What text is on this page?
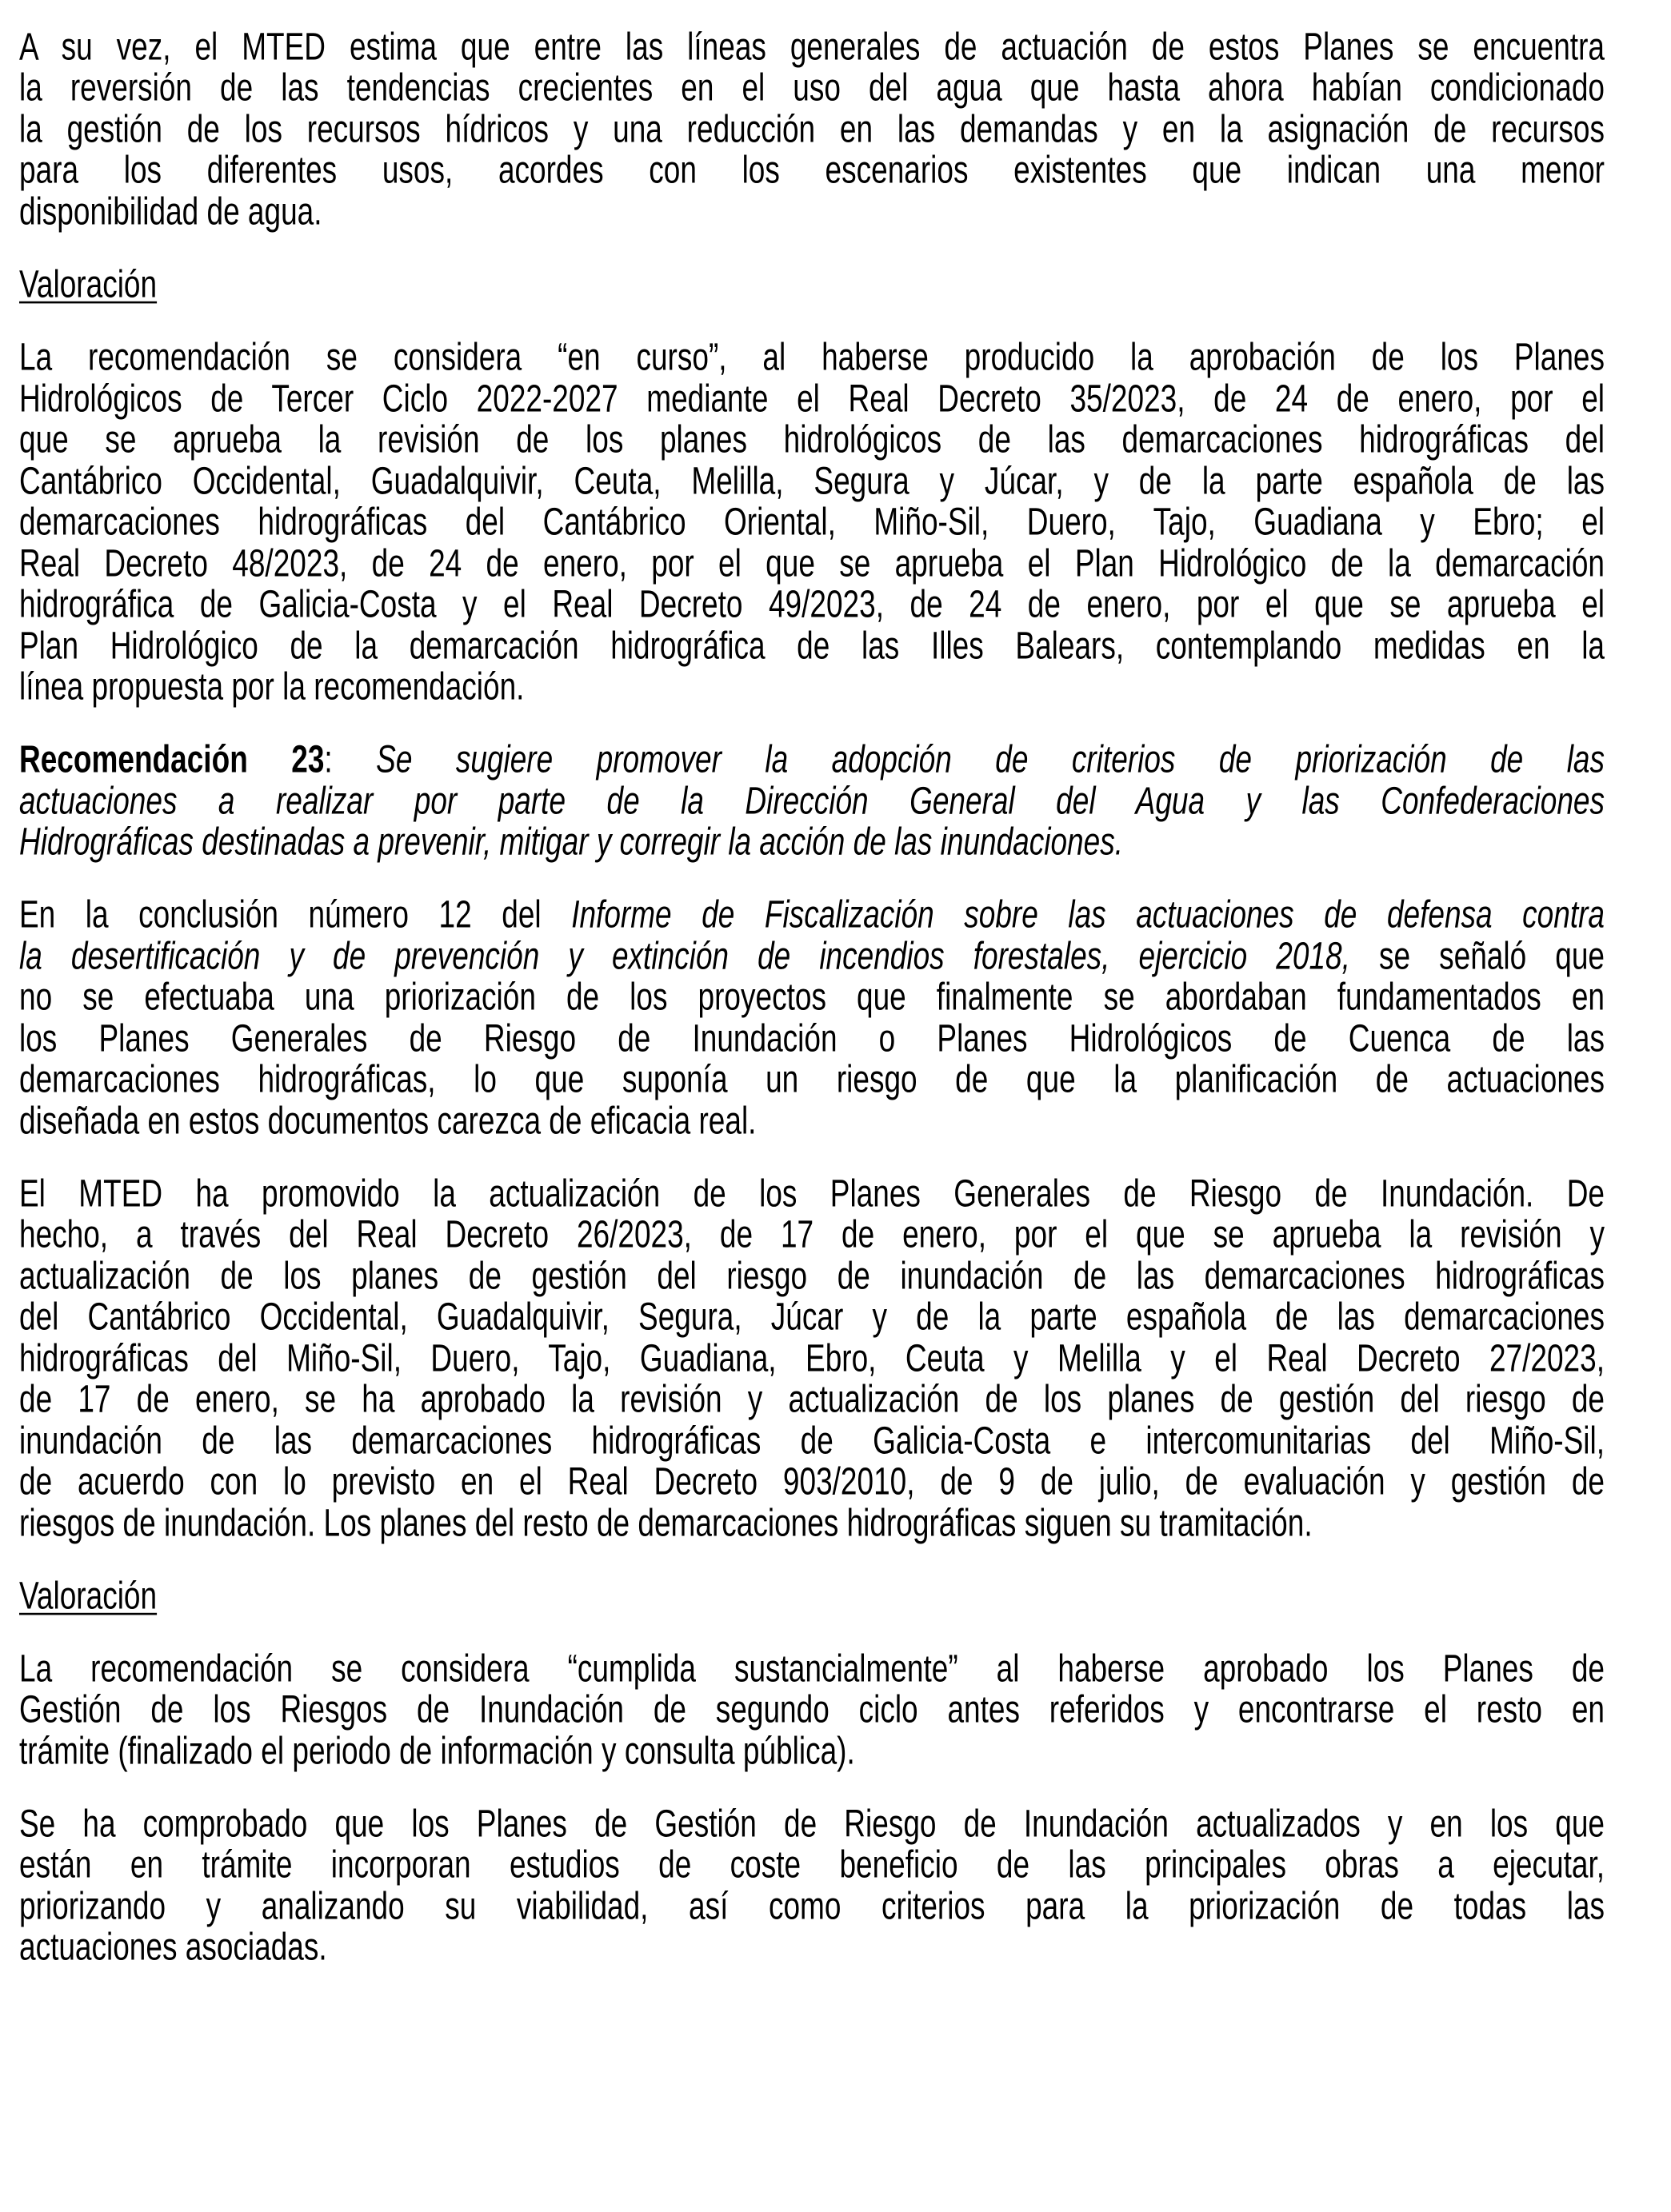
A su vez, el MTED estima que entre las líneas generales de actuación de estos Planes se encuentra
la reversión de las tendencias crecientes en el uso del agua que hasta ahora habían condicionado
la gestión de los recursos hídricos y una reducción en las demandas y en la asignación de recursos
para los diferentes usos, acordes con los escenarios existentes que indican una menor
disponibilidad de agua.
Valoración
La recomendación se considera “en curso”, al haberse producido la aprobación de los Planes
Hidrológicos de Tercer Ciclo 2022-2027 mediante el Real Decreto 35/2023, de 24 de enero, por el
que se aprueba la revisión de los planes hidrológicos de las demarcaciones hidrográficas del
Cantábrico Occidental, Guadalquivir, Ceuta, Melilla, Segura y Júcar, y de la parte española de las
demarcaciones hidrográficas del Cantábrico Oriental, Miño-Sil, Duero, Tajo, Guadiana y Ebro; el
Real Decreto 48/2023, de 24 de enero, por el que se aprueba el Plan Hidrológico de la demarcación
hidrográfica de Galicia-Costa y el Real Decreto 49/2023, de 24 de enero, por el que se aprueba el
Plan Hidrológico de la demarcación hidrográfica de las Illes Balears, contemplando medidas en la
línea propuesta por la recomendación.
Recomendación 23: Se sugiere promover la adopción de criterios de priorización de las
actuaciones a realizar por parte de la Dirección General del Agua y las Confederaciones
Hidrográficas destinadas a prevenir, mitigar y corregir la acción de las inundaciones.
En la conclusión número 12 del Informe de Fiscalización sobre las actuaciones de defensa contra
la desertificación y de prevención y extinción de incendios forestales, ejercicio 2018, se señaló que
no se efectuaba una priorización de los proyectos que finalmente se abordaban fundamentados en
los Planes Generales de Riesgo de Inundación o Planes Hidrológicos de Cuenca de las
demarcaciones hidrográficas, lo que suponía un riesgo de que la planificación de actuaciones
diseñada en estos documentos carezca de eficacia real.
El MTED ha promovido la actualización de los Planes Generales de Riesgo de Inundación. De
hecho, a través del Real Decreto 26/2023, de 17 de enero, por el que se aprueba la revisión y
actualización de los planes de gestión del riesgo de inundación de las demarcaciones hidrográficas
del Cantábrico Occidental, Guadalquivir, Segura, Júcar y de la parte española de las demarcaciones
hidrográficas del Miño-Sil, Duero, Tajo, Guadiana, Ebro, Ceuta y Melilla y el Real Decreto 27/2023,
de 17 de enero, se ha aprobado la revisión y actualización de los planes de gestión del riesgo de
inundación de las demarcaciones hidrográficas de Galicia-Costa e intercomunitarias del Miño-Sil,
de acuerdo con lo previsto en el Real Decreto 903/2010, de 9 de julio, de evaluación y gestión de
riesgos de inundación. Los planes del resto de demarcaciones hidrográficas siguen su tramitación.
Valoración
La recomendación se considera “cumplida sustancialmente” al haberse aprobado los Planes de
Gestión de los Riesgos de Inundación de segundo ciclo antes referidos y encontrarse el resto en
trámite (finalizado el periodo de información y consulta pública).
Se ha comprobado que los Planes de Gestión de Riesgo de Inundación actualizados y en los que
están en trámite incorporan estudios de coste beneficio de las principales obras a ejecutar,
priorizando y analizando su viabilidad, así como criterios para la priorización de todas las
actuaciones asociadas.
